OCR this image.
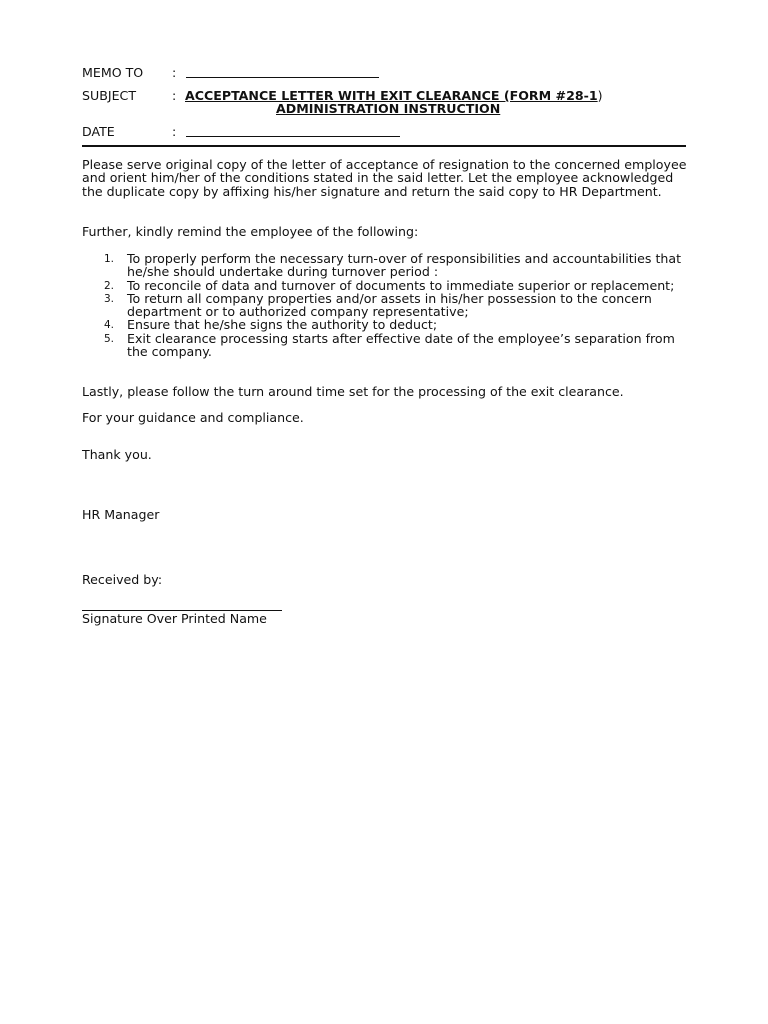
MEMO TO :
SUBJECT	: ACCEPTANCE LETTER WITH EXIT CLEARANCE (FORM #28-1)
ADMINISTRATION INSTRUCTION
DATE	:
Please serve original copy of the letter of acceptance of resignation to the concerned employee and orient him/her of the conditions stated in the said letter. Let the employee acknowledged the duplicate copy by affixing his/her signature and return the said copy to HR Department.
Further, kindly remind the employee of the following:
1. To properly perform the necessary turn-over of responsibilities and accountabilities that he/she should undertake during turnover period :
2. To reconcile of data and turnover of documents to immediate superior or replacement;
3. To return all company properties and/or assets in his/her possession to the concern department or to authorized company representative;
4. Ensure that he/she signs the authority to deduct;
5. Exit clearance processing starts after effective date of the employee’s separation from the company.
Lastly, please follow the turn around time set for the processing of the exit clearance.
For your guidance and compliance.
Thank you.
HR Manager
Received by:
Signature Over Printed Name
